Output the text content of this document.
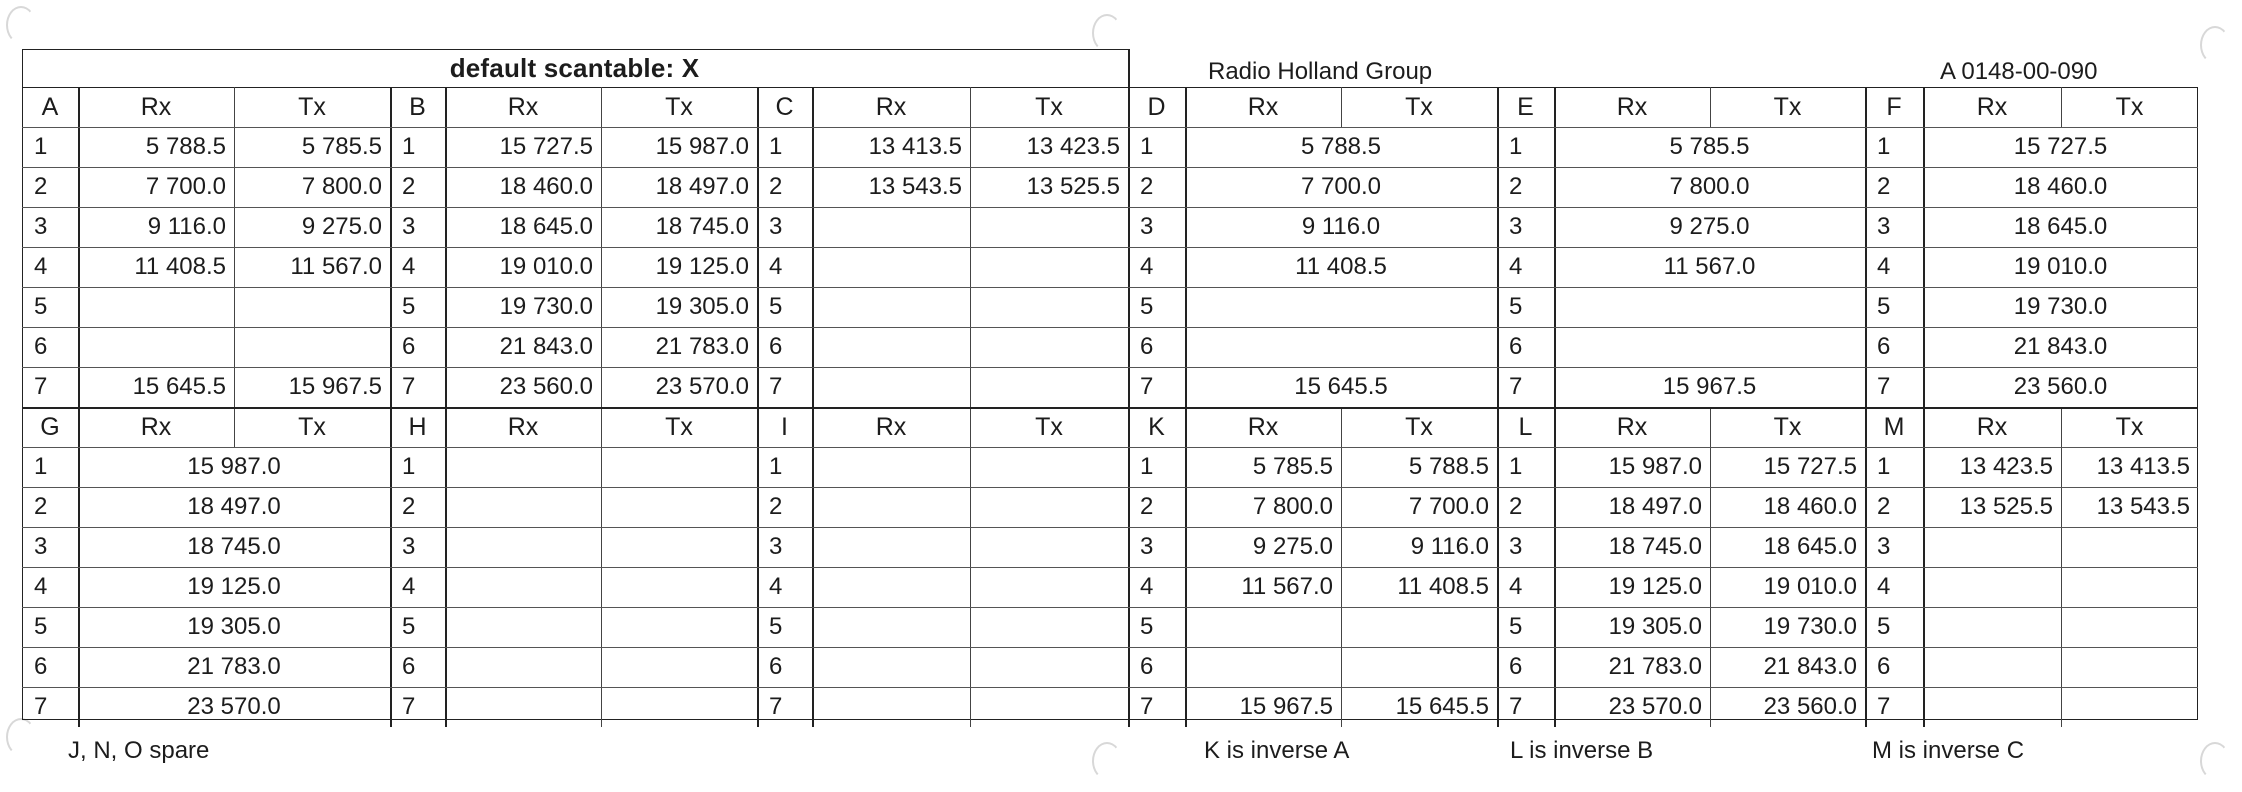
default scantable: X	Radio Holland Group	A 0148-00-090
A	Rx	Tx
1	5 788.5	5 785.5
2	7 700.0	7 800.0
3	9 116.0	9 275.0
4	11 408.5	11 567.0
5
6
7	15 645.5	15 967.5
B	Rx	Tx
1	15 727.5	15 987.0
2	18 460.0	18 497.0
3	18 645.0	18 745.0
4	19 010.0	19 125.0
5	19 730.0	19 305.0
6	21 843.0	21 783.0
7	23 560.0	23 570.0
C	Rx	Tx
1	13 413.5	13 423.5
2	13 543.5	13 525.5
3
4
5
6
7
D	Rx	Tx
1	5 788.5
2	7 700.0
3	9 116.0
4	11 408.5
5
6
7	15 645.5
E	Rx	Tx
1	5 785.5
2	7 800.0
3	9 275.0
4	11 567.0
5
6
7	15 967.5
F	Rx	Tx
1	15 727.5
2	18 460.0
3	18 645.0
4	19 010.0
5	19 730.0
6	21 843.0
7	23 560.0
G	Rx	Tx
1	15 987.0
2	18 497.0
3	18 745.0
4	19 125.0
5	19 305.0
6	21 783.0
7	23 570.0
H	Rx	Tx
1
2
3
4
5
6
7
I	Rx	Tx
1
2
3
4
5
6
7
K	Rx	Tx
1	5 785.5	5 788.5
2	7 800.0	7 700.0
3	9 275.0	9 116.0
4	11 567.0	11 408.5
5
6
7	15 967.5	15 645.5
L	Rx	Tx
1	15 987.0	15 727.5
2	18 497.0	18 460.0
3	18 745.0	18 645.0
4	19 125.0	19 010.0
5	19 305.0	19 730.0
6	21 783.0	21 843.0
7	23 570.0	23 560.0
M	Rx	Tx
1	13 423.5	13 413.5
2	13 525.5	13 543.5
3
4
5
6
7
J, N, O spare	K is inverse A	L is inverse B	M is inverse C
